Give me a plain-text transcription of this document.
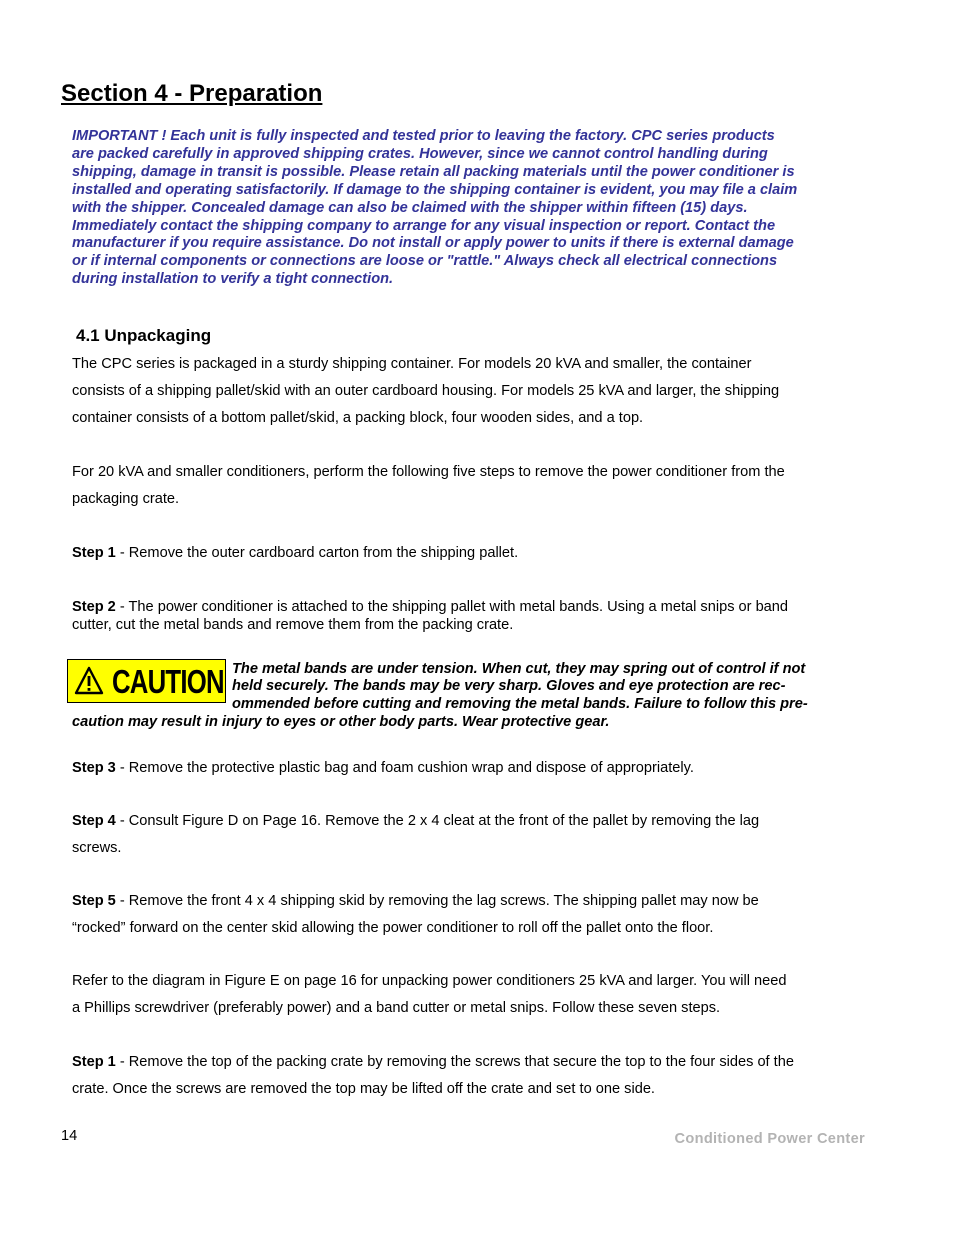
Section 4 - Preparation
IMPORTANT ! Each unit is fully inspected and tested prior to leaving the factory. CPC series products
are packed carefully in approved shipping crates. However, since we cannot control handling during
shipping, damage in transit is possible. Please retain all packing materials until the power conditioner is
installed and operating satisfactorily. If damage to the shipping container is evident, you may file a claim
with the shipper. Concealed damage can also be claimed with the shipper within fifteen (15) days.
Immediately contact the shipping company to arrange for any visual inspection or report. Contact the
manufacturer if you require assistance. Do not install or apply power to units if there is external damage
or if internal components or connections are loose or "rattle." Always check all electrical connections
during installation to verify a tight connection.
4.1 Unpackaging
The CPC series is packaged in a sturdy shipping container. For models 20 kVA and smaller, the container
consists of a shipping pallet/skid with an outer cardboard housing. For models 25 kVA and larger, the shipping
container consists of a bottom pallet/skid, a packing block, four wooden sides, and a top.
For 20 kVA and smaller conditioners, perform the following five steps to remove the power conditioner from the
packaging crate.
Step 1 - Remove the outer cardboard carton from the shipping pallet.
Step 2 - The power conditioner is attached to the shipping pallet with metal bands. Using a metal snips or band
cutter, cut the metal bands and remove them from the packing crate.
CAUTION The metal bands are under tension. When cut, they may spring out of control if not
held securely. The bands may be very sharp. Gloves and eye protection are rec-
ommended before cutting and removing the metal bands. Failure to follow this pre-
caution may result in injury to eyes or other body parts. Wear protective gear.
Step 3 - Remove the protective plastic bag and foam cushion wrap and dispose of appropriately.
Step 4 - Consult Figure D on Page 16. Remove the 2 x 4 cleat at the front of the pallet by removing the lag
screws.
Step 5 - Remove the front 4 x 4 shipping skid by removing the lag screws. The shipping pallet may now be
“rocked” forward on the center skid allowing the power conditioner to roll off the pallet onto the floor.
Refer to the diagram in Figure E on page 16 for unpacking power conditioners 25 kVA and larger. You will need
a Phillips screwdriver (preferably power) and a band cutter or metal snips. Follow these seven steps.
Step 1 - Remove the top of the packing crate by removing the screws that secure the top to the four sides of the
crate. Once the screws are removed the top may be lifted off the crate and set to one side.
14	Conditioned Power Center
